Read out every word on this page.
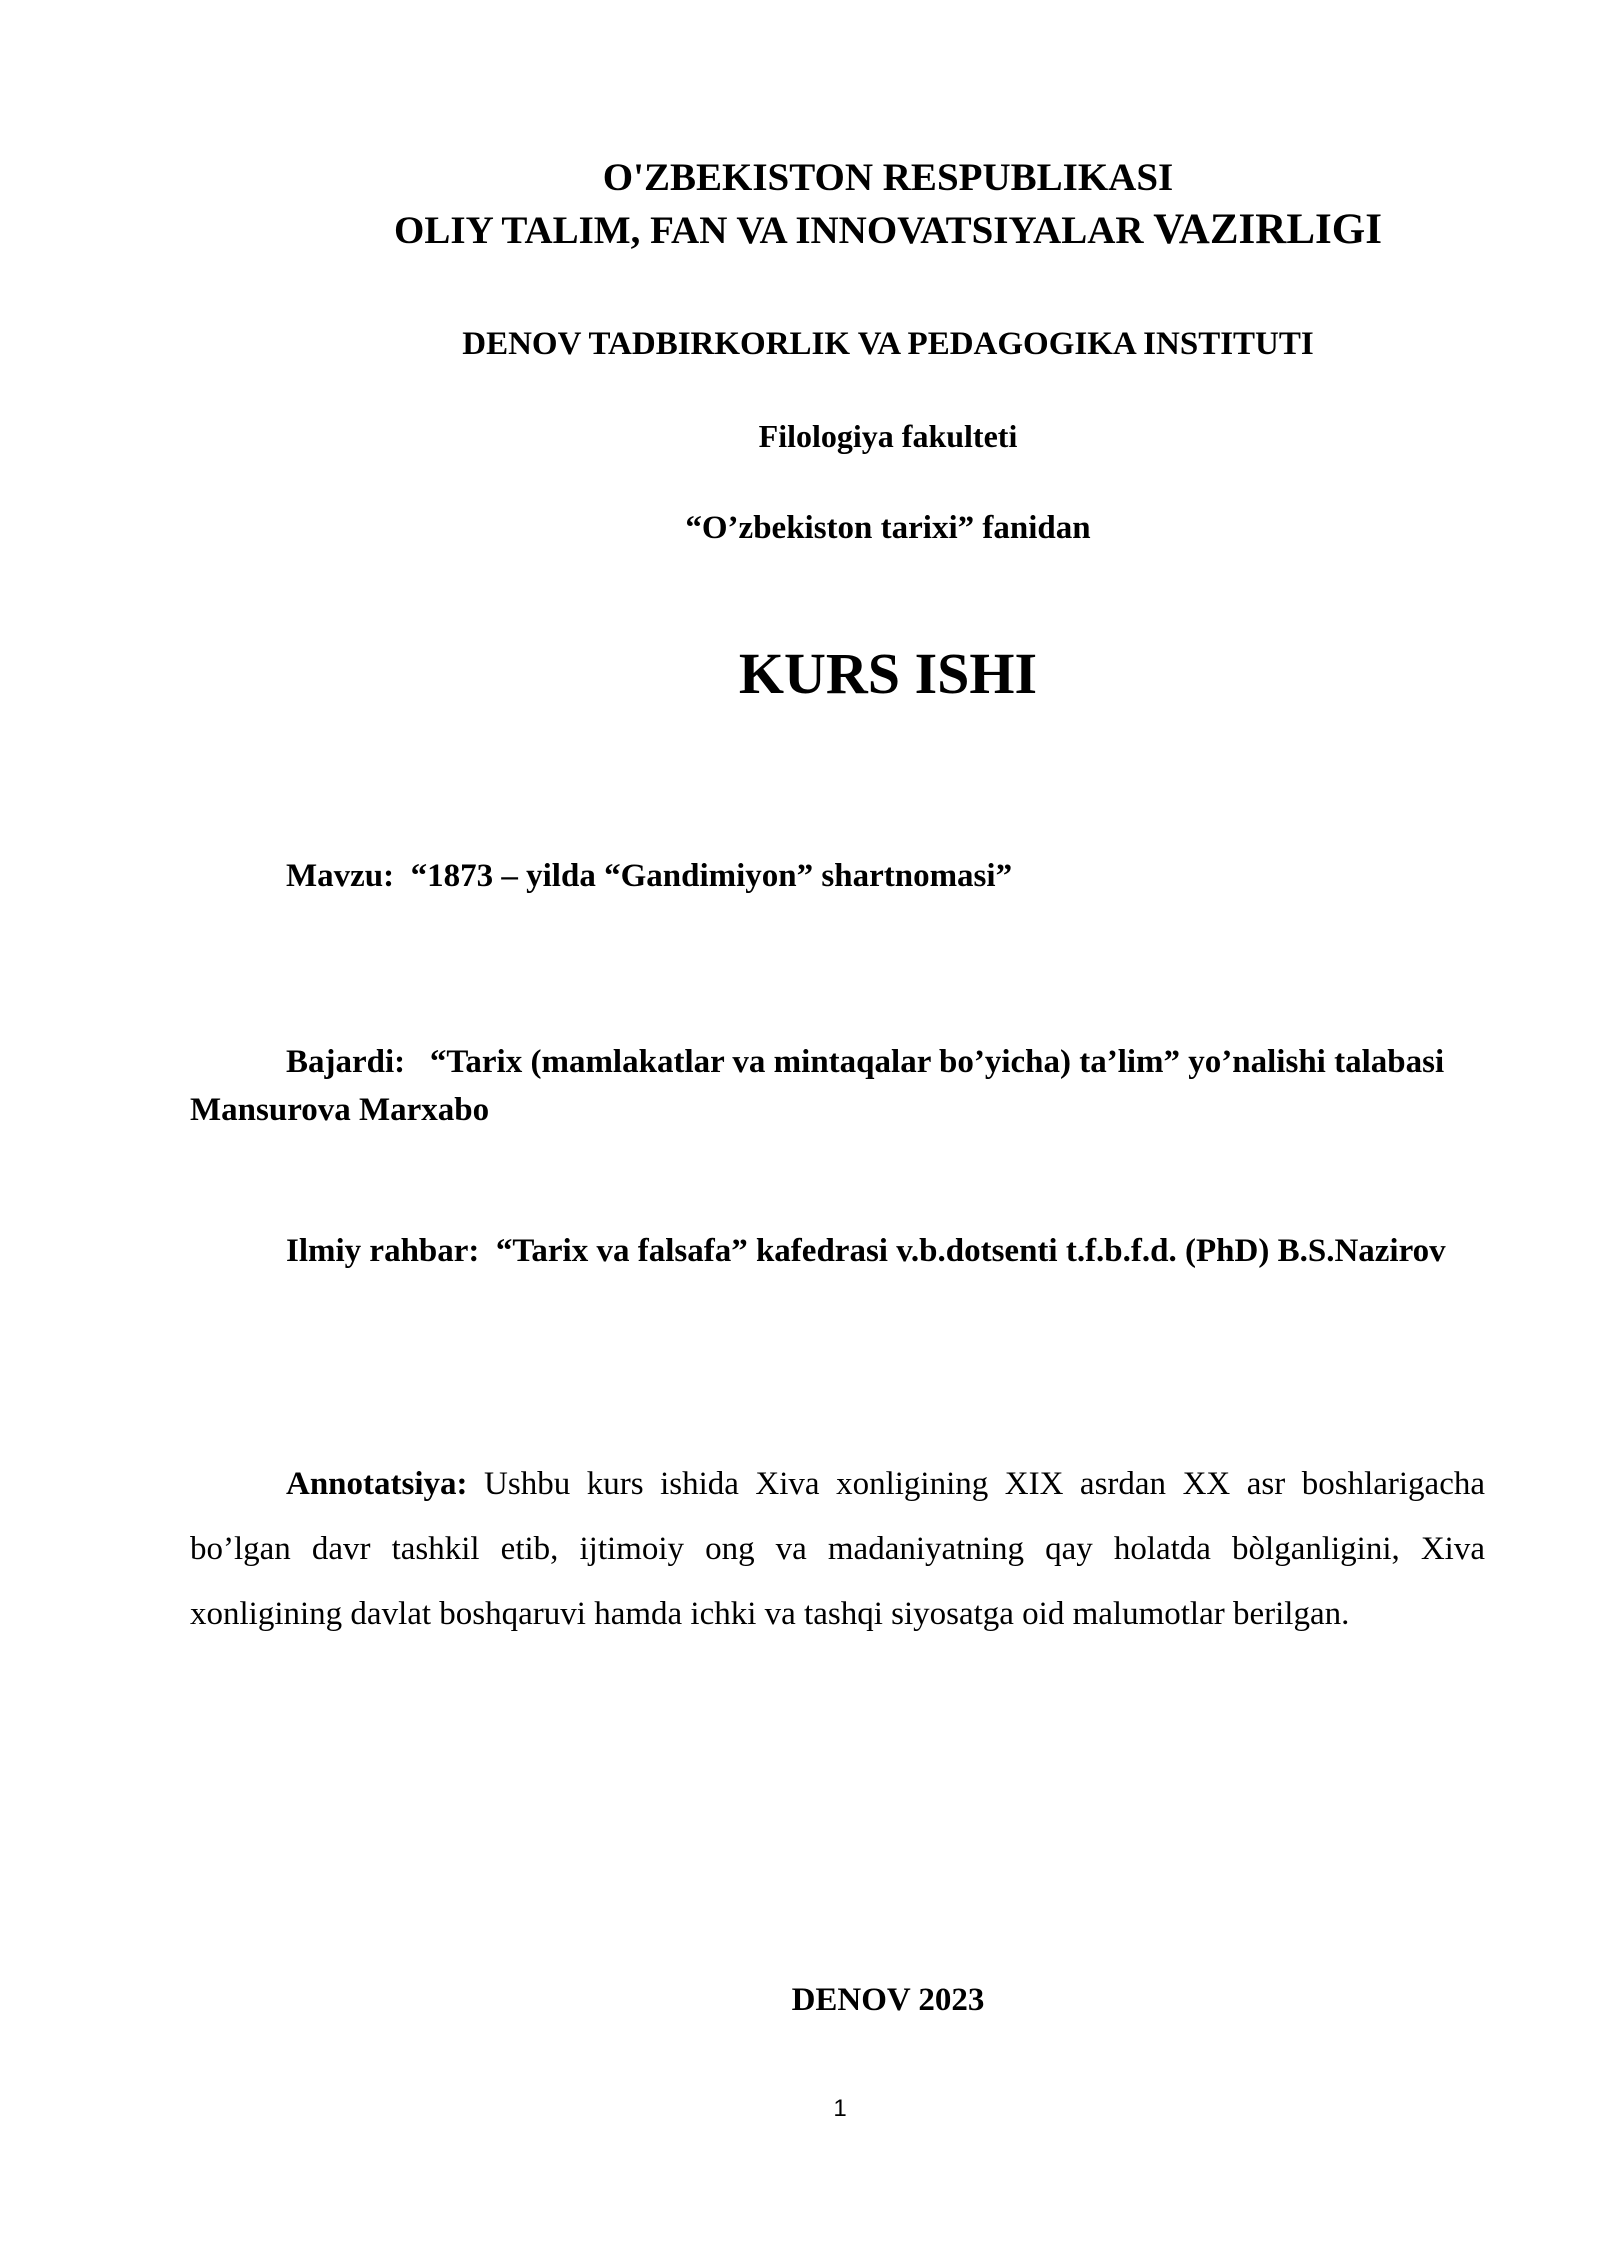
O'ZBEKISTON RESPUBLIKASI
OLIY TALIM, FAN VA INNOVATSIYALAR VAZIRLIGI
DENOV TADBIRKORLIK VA PEDAGOGIKA INSTITUTI
Filologiya fakulteti
“O’zbekiston tarixi” fanidan
KURS ISHI
Mavzu: “1873 – yilda “Gandimiyon” shartnomasi”
Bajardi: “Tarix (mamlakatlar va mintaqalar bo’yicha) ta’lim” yo’nalishi talabasi Mansurova Marxabo
Ilmiy rahbar: “Tarix va falsafa” kafedrasi v.b.dotsenti t.f.b.f.d. (PhD) B.S.Nazirov
Annotatsiya: Ushbu kurs ishida Xiva xonligining XIX asrdan XX asr boshlarigacha bo’lgan davr tashkil etib, ijtimoiy ong va madaniyatning qay holatda bòlganligini, Xiva xonligining davlat boshqaruvi hamda ichki va tashqi siyosatga oid malumotlar berilgan.
DENOV 2023
1
